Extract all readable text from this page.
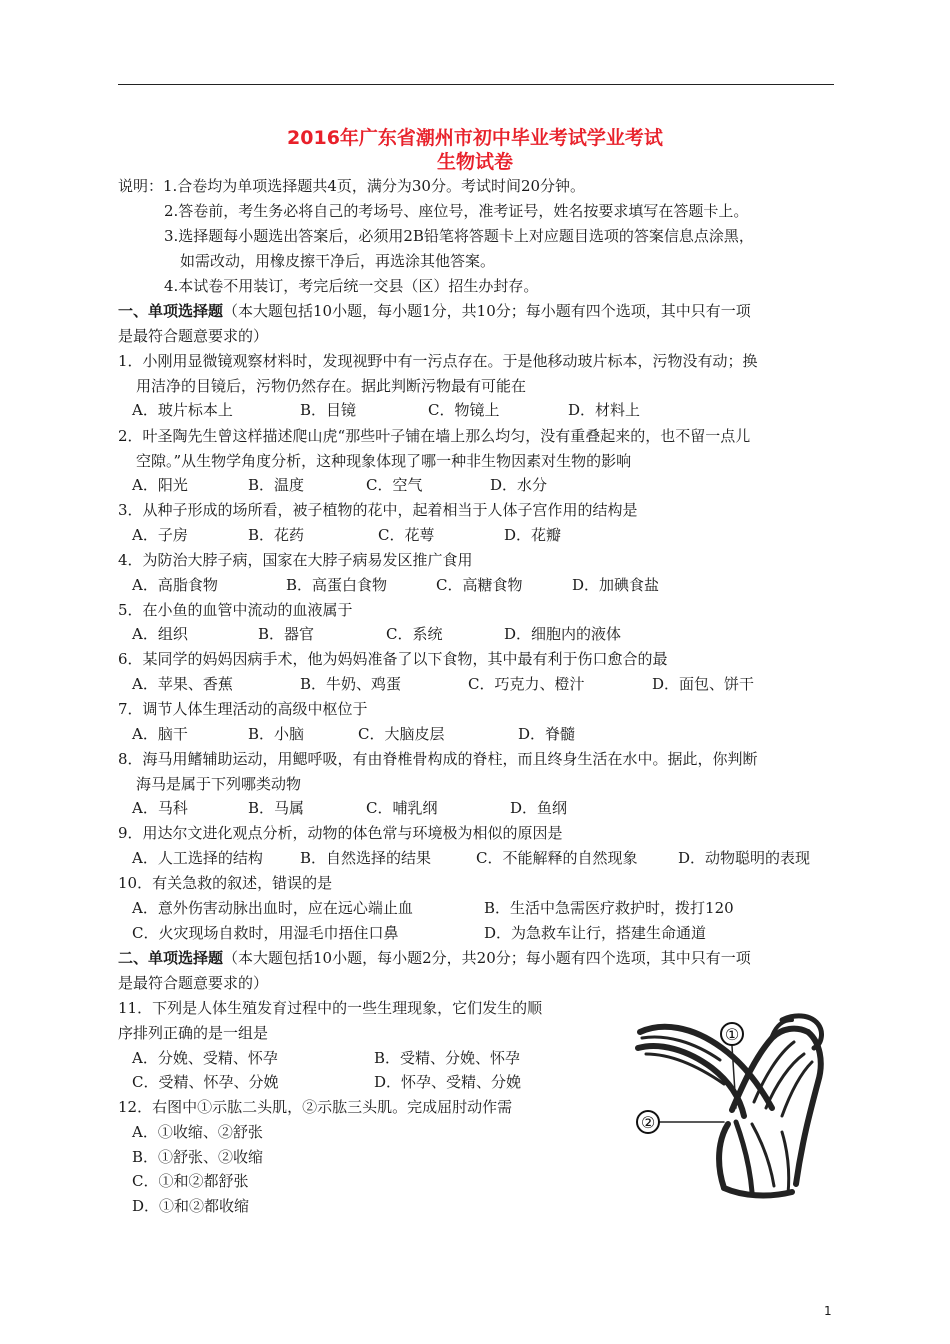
2016年广东省潮州市初中毕业考试学业考试
生物试卷
说明：1.合卷均为单项选择题共4页，满分为30分。考试时间20分钟。
2.答卷前，考生务必将自己的考场号、座位号，准考证号，姓名按要求填写在答题卡上。
3.选择题每小题选出答案后，必须用2B铅笔将答题卡上对应题目选项的答案信息点涂黑，
如需改动，用橡皮擦干净后，再选涂其他答案。
4.本试卷不用装订，考完后统一交县（区）招生办封存。
一、单项选择题（本大题包括10小题，每小题1分，共10分；每小题有四个选项，其中只有一项
是最符合题意要求的）
1．小刚用显微镜观察材料时，发现视野中有一污点存在。于是他移动玻片标本，污物没有动；换
用洁净的目镜后，污物仍然存在。据此判断污物最有可能在
A．玻片标本上	B．目镜	C．物镜上	D．材料上
2．叶圣陶先生曾这样描述爬山虎“那些叶子铺在墙上那么均匀，没有重叠起来的，也不留一点儿
空隙。”从生物学角度分析，这种现象体现了哪一种非生物因素对生物的影响
A．阳光	B．温度	C．空气	D．水分
3．从种子形成的场所看，被子植物的花中，起着相当于人体子宫作用的结构是
A．子房	B．花药	C．花萼	D．花瓣
4．为防治大脖子病，国家在大脖子病易发区推广食用
A．高脂食物	B．高蛋白食物	C．高糖食物	D．加碘食盐
5．在小鱼的血管中流动的血液属于
A．组织	B．器官	C．系统	D．细胞内的液体
6．某同学的妈妈因病手术，他为妈妈准备了以下食物，其中最有利于伤口愈合的最
A．苹果、香蕉	B．牛奶、鸡蛋	C．巧克力、橙汁	D．面包、饼干
7．调节人体生理活动的高级中枢位于
A．脑干	B．小脑	C．大脑皮层	D．脊髓
8．海马用鳍辅助运动，用鳃呼吸，有由脊椎骨构成的脊柱，而且终身生活在水中。据此，你判断
海马是属于下列哪类动物
A．马科	B．马属	C．哺乳纲	D．鱼纲
9．用达尔文进化观点分析，动物的体色常与环境极为相似的原因是
A．人工选择的结构 B．自然选择的结果	C．不能解释的自然现象	D．动物聪明的表现
10．有关急救的叙述，错误的是
A．意外伤害动脉出血时，应在远心端止血	B．生活中急需医疗救护时，拨打120
C．火灾现场自救时，用湿毛巾捂住口鼻	D．为急救车让行，搭建生命通道
二、单项选择题（本大题包括10小题，每小题2分，共20分；每小题有四个选项，其中只有一项
是最符合题意要求的）
11．下列是人体生殖发育过程中的一些生理现象，它们发生的顺
序排列正确的是一组是
A．分娩、受精、怀孕	B．受精、分娩、怀孕
C．受精、怀孕、分娩	D．怀孕、受精、分娩
12．右图中①示肱二头肌，②示肱三头肌。完成屈肘动作需
A．①收缩、②舒张
B．①舒张、②收缩
C．①和②都舒张
D．①和②都收缩
①
②
1
